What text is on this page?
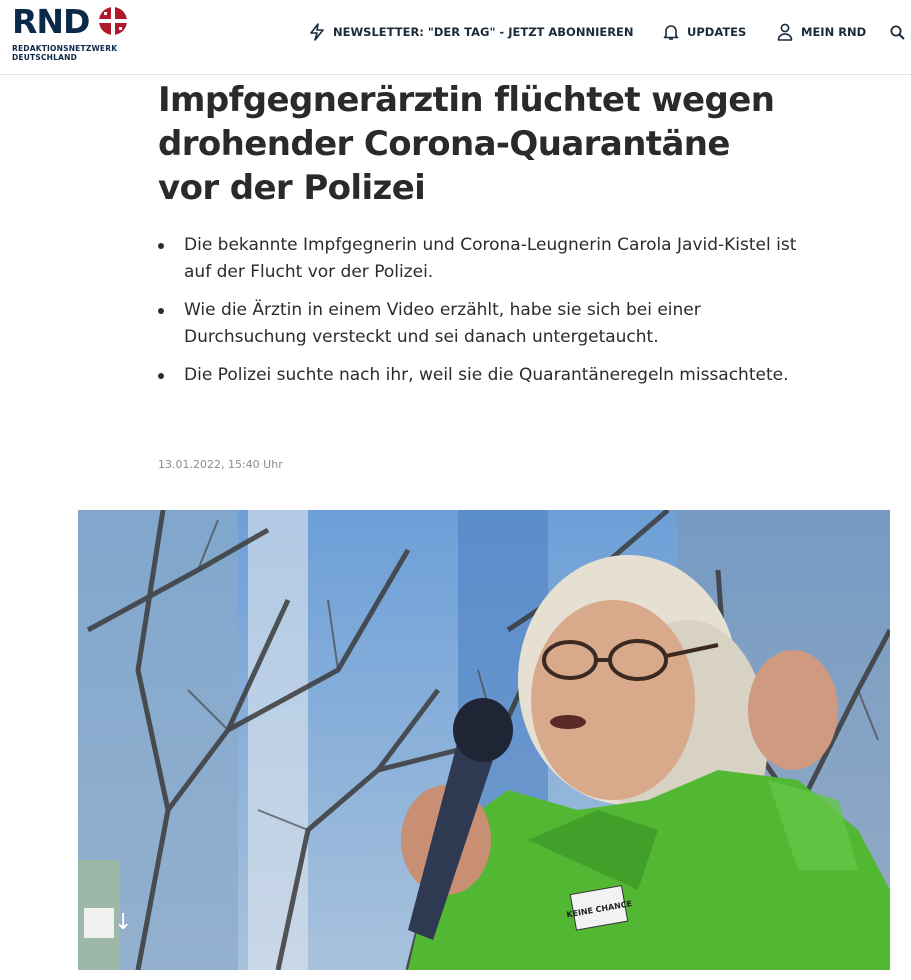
RND
REDAKTIONSNETZWERK
DEUTSCHLAND
NEWSLETTER: "DER TAG" - JETZT ABONNIEREN	UPDATES	MEIN RND
Impfgegnerärztin flüchtet wegen drohender Corona-Quarantäne vor der Polizei
Die bekannte Impfgegnerin und Corona-Leugnerin Carola Javid-Kistel ist auf der Flucht vor der Polizei.
Wie die Ärztin in einem Video erzählt, habe sie sich bei einer Durchsuchung versteckt und sei danach untergetaucht.
Die Polizei suchte nach ihr, weil sie die Quarantäneregeln missachtete.
13.01.2022, 15:40 Uhr
KEINE CHANCE
↓
